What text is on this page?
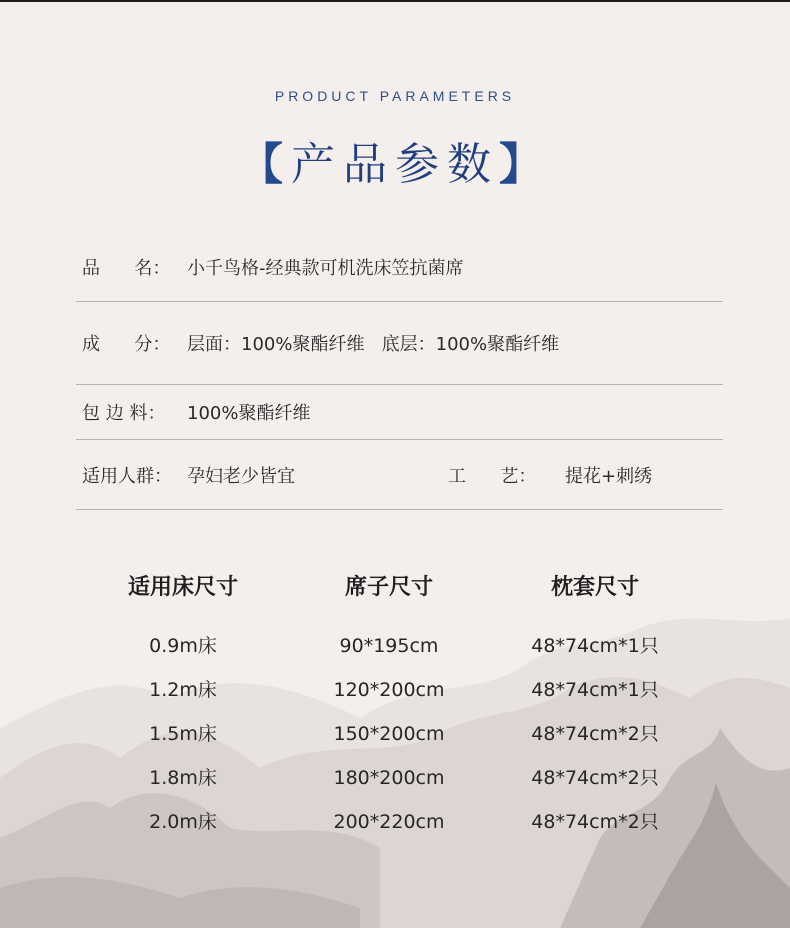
PRODUCT PARAMETERS
【产品参数】
品      名： 小千鸟格-经典款可机洗床笠抗菌席
成      分： 层面：100%聚酯纤维   底层：100%聚酯纤维
包 边 料： 100%聚酯纤维
适用人群： 孕妇老少皆宜	工      艺： 提花+刺绣
适用床尺寸	席子尺寸	枕套尺寸
0.9m床	90*195cm	48*74cm*1只
1.2m床	120*200cm	48*74cm*1只
1.5m床	150*200cm	48*74cm*2只
1.8m床	180*200cm	48*74cm*2只
2.0m床	200*220cm	48*74cm*2只
